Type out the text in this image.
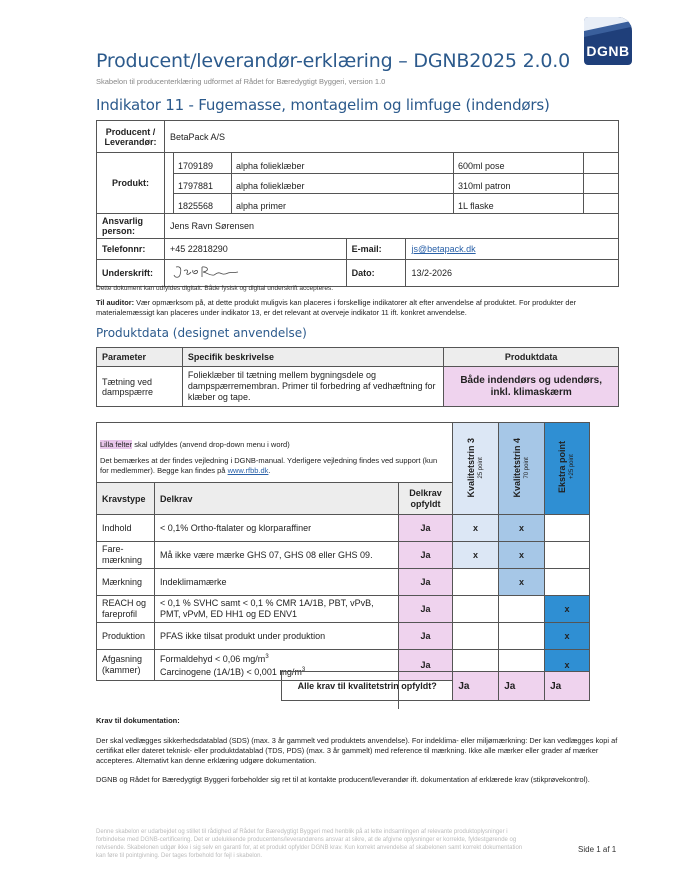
DGNB
Producent/leverandør-erklæring – DGNB2025 2.0.0
Skabelon til producenterklæring udformet af Rådet for Bæredygtigt Byggeri, version 1.0
Indikator 11 - Fugemasse, montagelim og limfuge (indendørs)
Producent / Leverandør:	BetaPack A/S
Produkt:	
1709189	alpha folieklæber	600ml pose	
1797881	alpha folieklæber	310ml patron	
1825568	alpha primer	1L flaske	

Ansvarlig person:	Jens Ravn Sørensen
Telefonnr:	+45 22818290	E-mail:	js@betapack.dk
Underskrift:		Dato:	13/2-2026
Dette dokument kan udfyldes digitalt. Både fysisk og digital underskrift accepteres.
Til auditor: Vær opmærksom på, at dette produkt muligvis kan placeres i forskellige indikatorer alt efter anvendelse af produktet. For produkter der materialemæssigt kan placeres under indikator 13, er det relevant at overveje indikator 11 ift. konkret anvendelse.
Produktdata (designet anvendelse)
Parameter	Specifik beskrivelse	Produktdata
Tætning ved dampspærre	Folieklæber til tætning mellem bygningsdele og dampspærremembran. Primer til forbedring af vedhæftning for klæber og tape.	Både indendørs og udendørs, inkl. klimaskærm
			Kvalitetstrin 3 25 point	Kvalitetstrin 4 70 point	Ekstra point +25 point
Kravstype	Delkrav	Delkrav opfyldt			
Indhold	< 0,1% Ortho-ftalater og klorparaffiner	Ja	x	x	
Fare-mærkning	Må ikke være mærke GHS 07, GHS 08 eller GHS 09.	Ja	x	x	
Mærkning	Indeklimamærke	Ja		x	
REACH og fareprofil	< 0,1 % SVHC samt < 0,1 % CMR 1A/1B, PBT, vPvB, PMT, vPvM, ED HH1 og ED ENV1	Ja			x
Produktion	PFAS ikke tilsat produkt under produktion	Ja			x
Afgasning (kammer)	Formaldehyd < 0,06 $mg/m^3$
Carcinogene (1A/1B) < 0,001 $mg/m^3$	Ja			x

Alle krav til kvalitetstrin opfyldt?	Ja	Ja	Ja
Lilla felter skal udfyldes (anvend drop-down menu i word)
Det bemærkes at der findes vejledning i DGNB-manual. Yderligere vejledning findes ved support (kun for medlemmer). Begge kan findes på www.rfbb.dk.
Krav til dokumentation:

Der skal vedlægges sikkerhedsdatablad (SDS) (max. 3 år gammelt ved produktets anvendelse). For indeklima- eller miljømærkning: Der kan vedlægges kopi af certifikat eller dateret teknisk- eller produktdatablad (TDS, PDS) (max. 3 år gammelt) med reference til mærkning. Ikke alle mærker eller grader af mærker accepteres. Alternativt kan denne erklæring udgøre dokumentation.

DGNB og Rådet for Bæredygtigt Byggeri forbeholder sig ret til at kontakte producent/leverandør ift. dokumentation af erklærede krav (stikprøvekontrol).

Denne skabelon er udarbejdet og stillet til rådighed af Rådet for Bæredygtigt Byggeri med henblik på at lette indsamlingen af relevante produktoplysninger i forbindelse med DGNB-certificering. Det er udelukkende producentens/leverandørens ansvar at sikre, at de afgivne oplysninger er korrekte, fyldestgørende og retvisende. Skabelonen udgør ikke i sig selv en garanti for, at et produkt opfylder DGNB krav. Kun korrekt anvendelse af skabelonen samt korrekt dokumentation kan føre til pointgivning. Der tages forbehold for fejl i skabelon.
Side 1 af 1
